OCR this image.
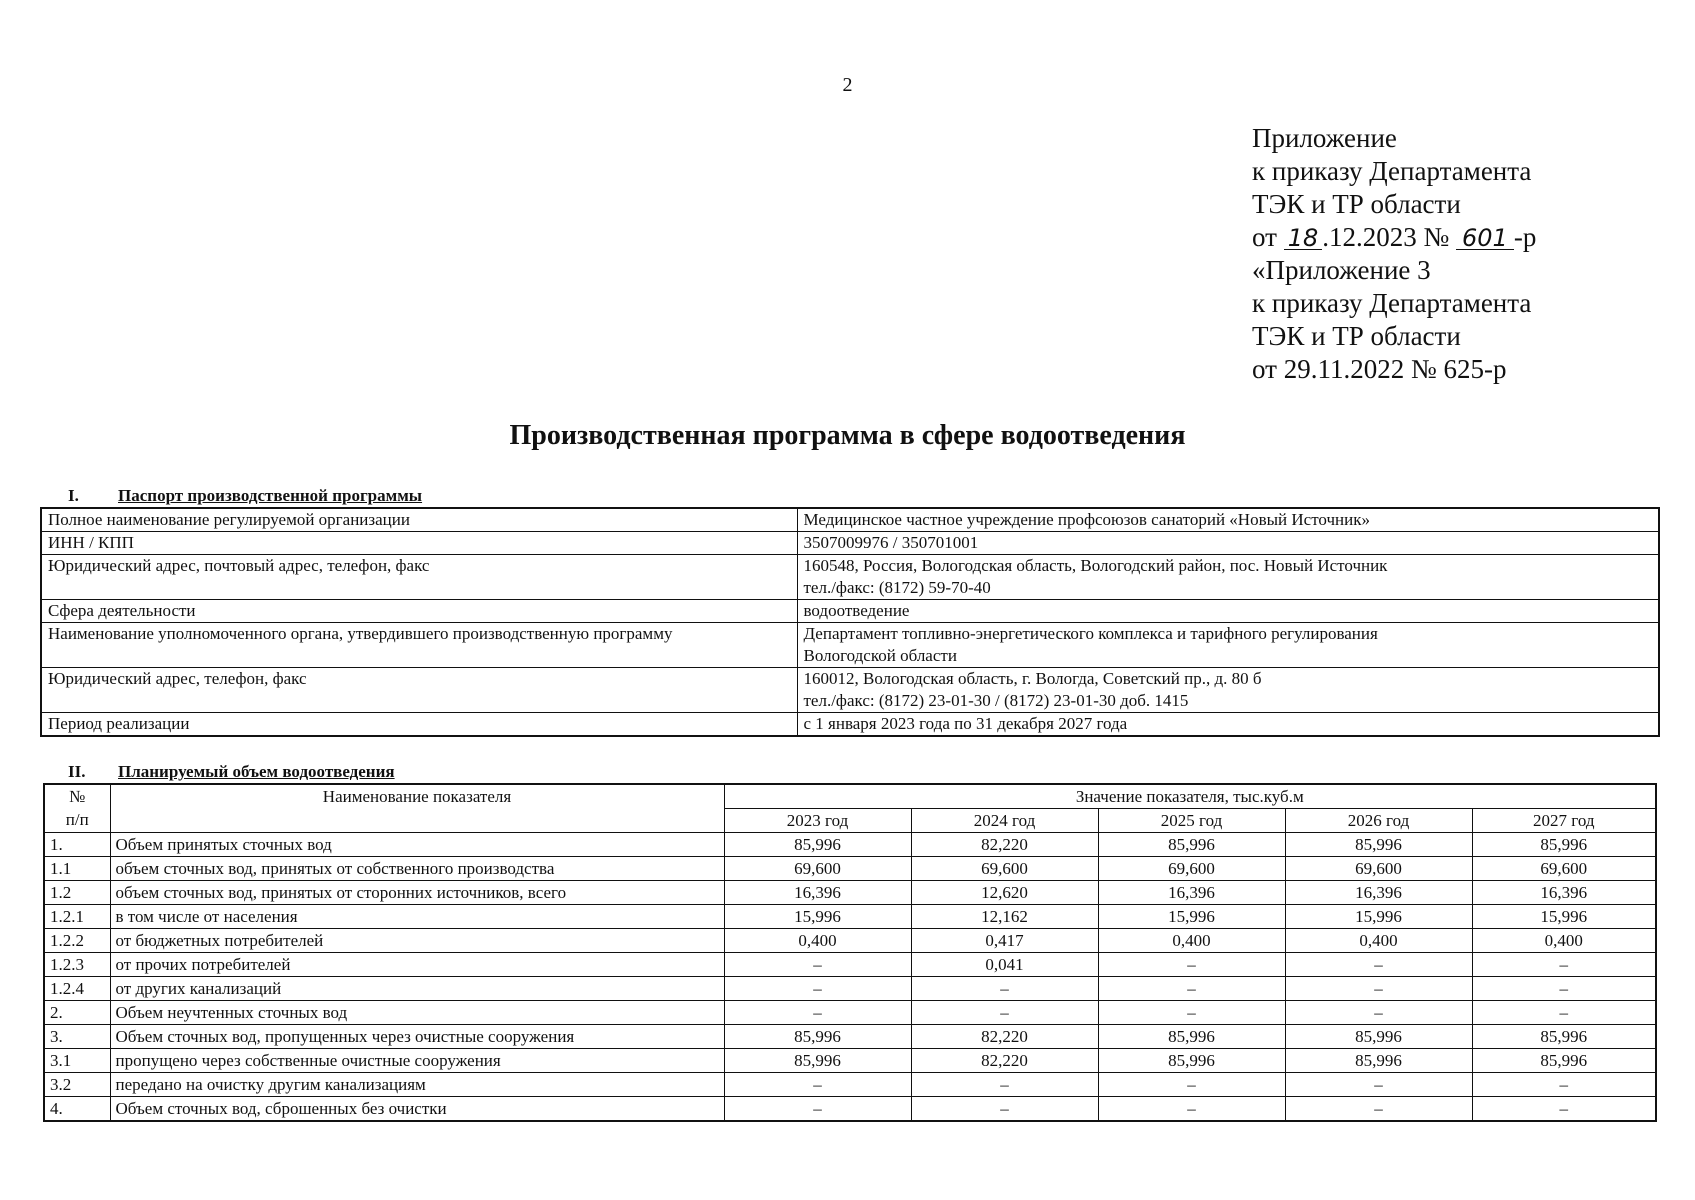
2
Приложение
к приказу Департамента
ТЭК и ТР области
от 18 .12.2023 № 601 -р
«Приложение 3
к приказу Департамента
ТЭК и ТР области
от 29.11.2022 № 625-р
Производственная программа в сфере водоотведения
I. Паспорт производственной программы
Полное наименование регулируемой организации	Медицинское частное учреждение профсоюзов санаторий «Новый Источник»

ИНН / КПП	3507009976 / 350701001

Юридический адрес, почтовый адрес, телефон, факс	160548, Россия, Вологодская область, Вологодский район, пос. Новый Источник
тел./факс: (8172) 59-70-40

Сфера деятельности	водоотведение

Наименование уполномоченного органа, утвердившего производственную программу	Департамент топливно-энергетического комплекса и тарифного регулирования
Вологодской области

Юридический адрес, телефон, факс	160012, Вологодская область, г. Вологда, Советский пр., д. 80 б
тел./факс: (8172) 23-01-30 / (8172) 23-01-30 доб. 1415

Период реализации	с 1 января 2023 года по 31 декабря 2027 года
II. Планируемый объем водоотведения
№
п/п	Наименование показателя	Значение показателя, тыс.куб.м				
		2023 год	2024 год	2025 год	2026 год	2027 год
1.	Объем принятых сточных вод	85,996	82,220	85,996	85,996	85,996
1.1	объем сточных вод, принятых от собственного производства	69,600	69,600	69,600	69,600	69,600
1.2	объем сточных вод, принятых от сторонних источников, всего	16,396	12,620	16,396	16,396	16,396
1.2.1	в том числе от населения	15,996	12,162	15,996	15,996	15,996
1.2.2	от бюджетных потребителей	0,400	0,417	0,400	0,400	0,400
1.2.3	от прочих потребителей	–	0,041	–	–	–
1.2.4	от других канализаций	–	–	–	–	–
2.	Объем неучтенных сточных вод	–	–	–	–	–
3.	Объем сточных вод, пропущенных через очистные сооружения	85,996	82,220	85,996	85,996	85,996
3.1	пропущено через собственные очистные сооружения	85,996	82,220	85,996	85,996	85,996
3.2	передано на очистку другим канализациям	–	–	–	–	–
4.	Объем сточных вод, сброшенных без очистки	–	–	–	–	–
